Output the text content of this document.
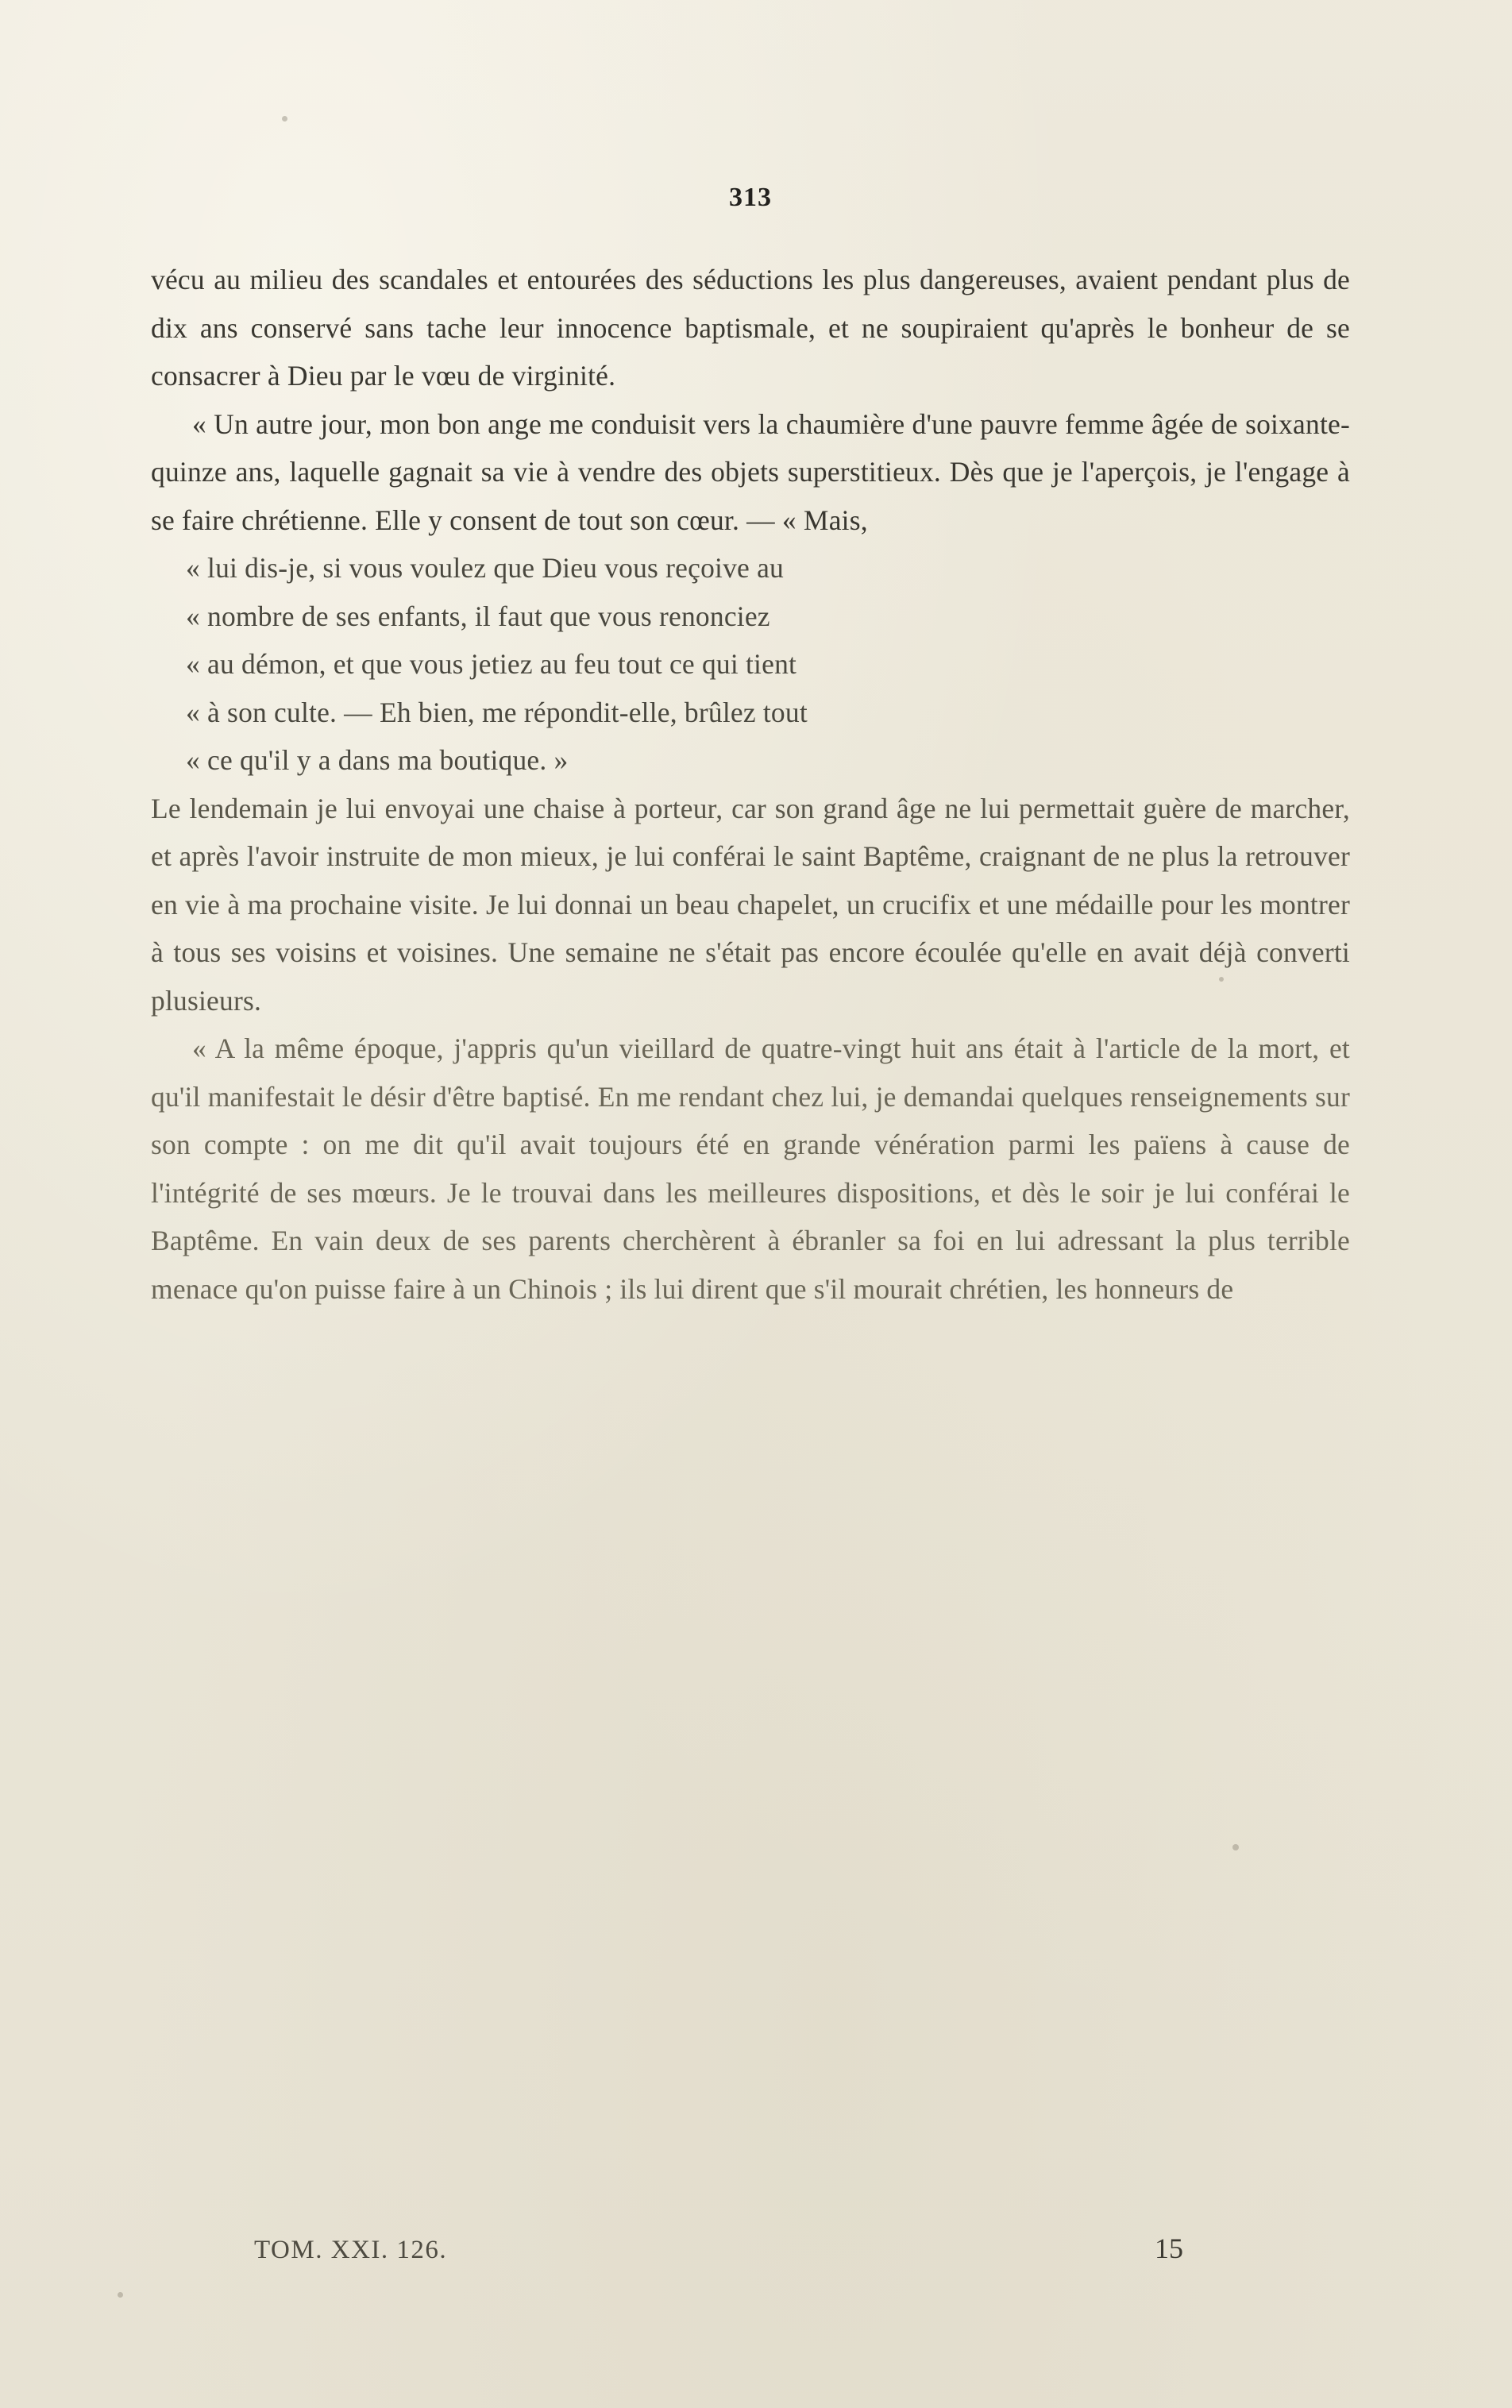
313

vécu au milieu des scandales et entourées des séductions les plus dangereuses, avaient pendant plus de dix ans conservé sans tache leur innocence baptismale, et ne soupiraient qu'après le bonheur de se consacrer à Dieu par le vœu de virginité.

« Un autre jour, mon bon ange me conduisit vers la chaumière d'une pauvre femme âgée de soixante-quinze ans, laquelle gagnait sa vie à vendre des objets superstitieux. Dès que je l'aperçois, je l'engage à se faire chrétienne. Elle y consent de tout son cœur. — « Mais,

« lui dis-je, si vous voulez que Dieu vous reçoive au
« nombre de ses enfants, il faut que vous renonciez
« au démon, et que vous jetiez au feu tout ce qui tient
« à son culte. — Eh bien, me répondit-elle, brûlez tout
« ce qu'il y a dans ma boutique. »

Le lendemain je lui envoyai une chaise à porteur, car son grand âge ne lui permettait guère de marcher, et après l'avoir instruite de mon mieux, je lui conférai le saint Baptême, craignant de ne plus la retrouver en vie à ma prochaine visite. Je lui donnai un beau chapelet, un crucifix et une médaille pour les montrer à tous ses voisins et voisines. Une semaine ne s'était pas encore écoulée qu'elle en avait déjà converti plusieurs.

« A la même époque, j'appris qu'un vieillard de quatre-vingt huit ans était à l'article de la mort, et qu'il manifestait le désir d'être baptisé. En me rendant chez lui, je demandai quelques renseignements sur son compte : on me dit qu'il avait toujours été en grande vénération parmi les païens à cause de l'intégrité de ses mœurs. Je le trouvai dans les meilleures dispositions, et dès le soir je lui conférai le Baptême. En vain deux de ses parents cherchèrent à ébranler sa foi en lui adressant la plus terrible menace qu'on puisse faire à un Chinois ; ils lui dirent que s'il mourait chrétien, les honneurs de

TOM. XXI. 126.	15
